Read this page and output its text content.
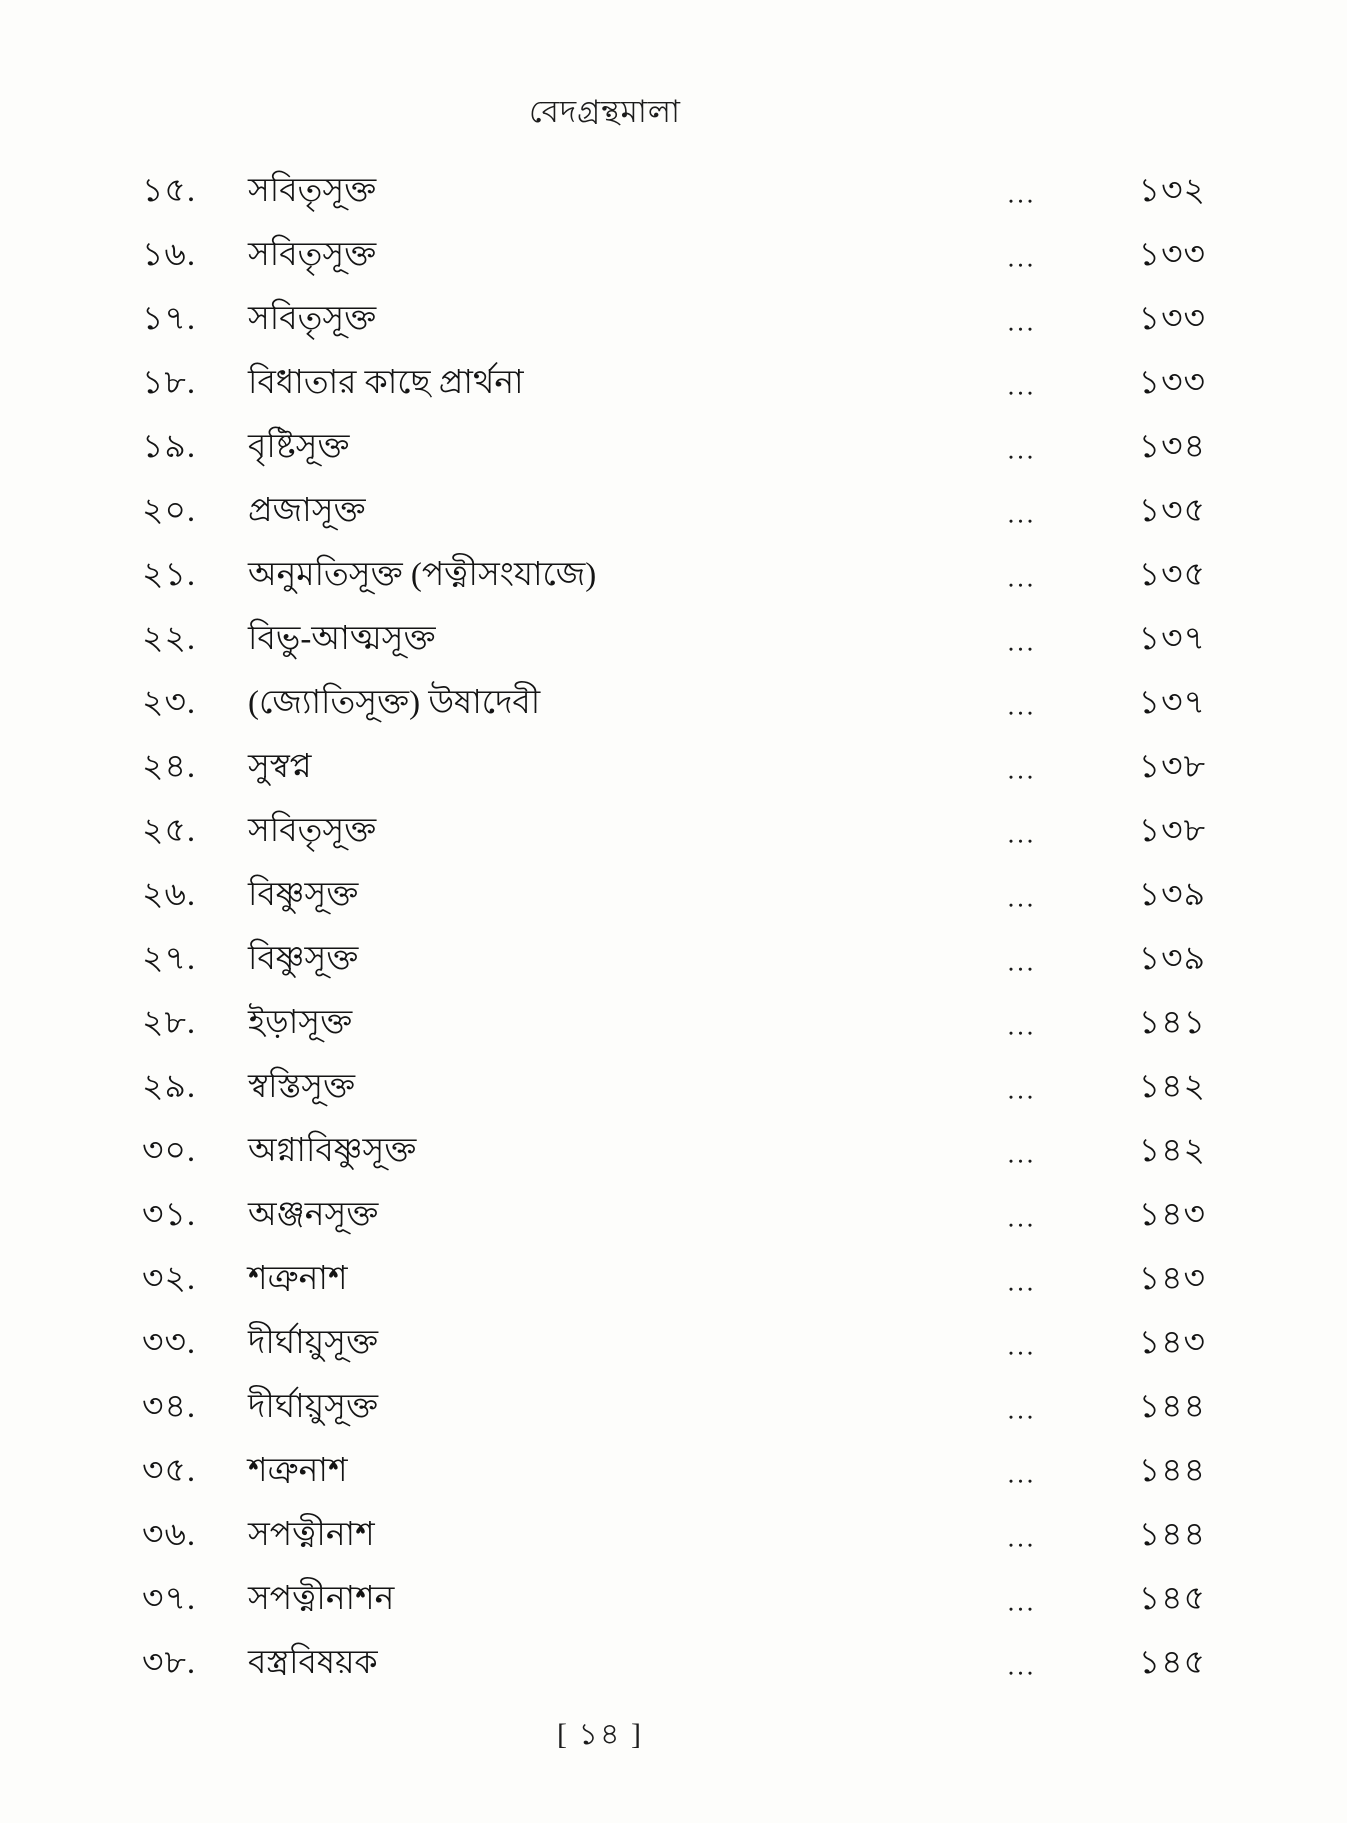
বেদগ্রন্থমালা
১৫.	সবিতৃসূক্ত	...	১৩২
১৬.	সবিতৃসূক্ত	...	১৩৩
১৭.	সবিতৃসূক্ত	...	১৩৩
১৮.	বিধাতার কাছে প্রার্থনা	...	১৩৩
১৯.	বৃষ্টিসূক্ত	...	১৩৪
২০.	প্রজাসূক্ত	...	১৩৫
২১.	অনুমতিসূক্ত (পত্নীসংযাজে)	...	১৩৫
২২.	বিভু-আত্মসূক্ত	...	১৩৭
২৩.	(জ্যোতিসূক্ত) উষাদেবী	...	১৩৭
২৪.	সুস্বপ্ন	...	১৩৮
২৫.	সবিতৃসূক্ত	...	১৩৮
২৬.	বিষ্ণুসূক্ত	...	১৩৯
২৭.	বিষ্ণুসূক্ত	...	১৩৯
২৮.	ইড়াসূক্ত	...	১৪১
২৯.	স্বস্তিসূক্ত	...	১৪২
৩০.	অগ্নাবিষ্ণুসূক্ত	...	১৪২
৩১.	অঞ্জনসূক্ত	...	১৪৩
৩২.	শত্রুনাশ	...	১৪৩
৩৩.	দীর্ঘায়ুসূক্ত	...	১৪৩
৩৪.	দীর্ঘায়ুসূক্ত	...	১৪৪
৩৫.	শত্রুনাশ	...	১৪৪
৩৬.	সপত্নীনাশ	...	১৪৪
৩৭.	সপত্নীনাশন	...	১৪৫
৩৮.	বস্ত্রবিষয়ক	...	১৪৫
[ ১৪ ]
